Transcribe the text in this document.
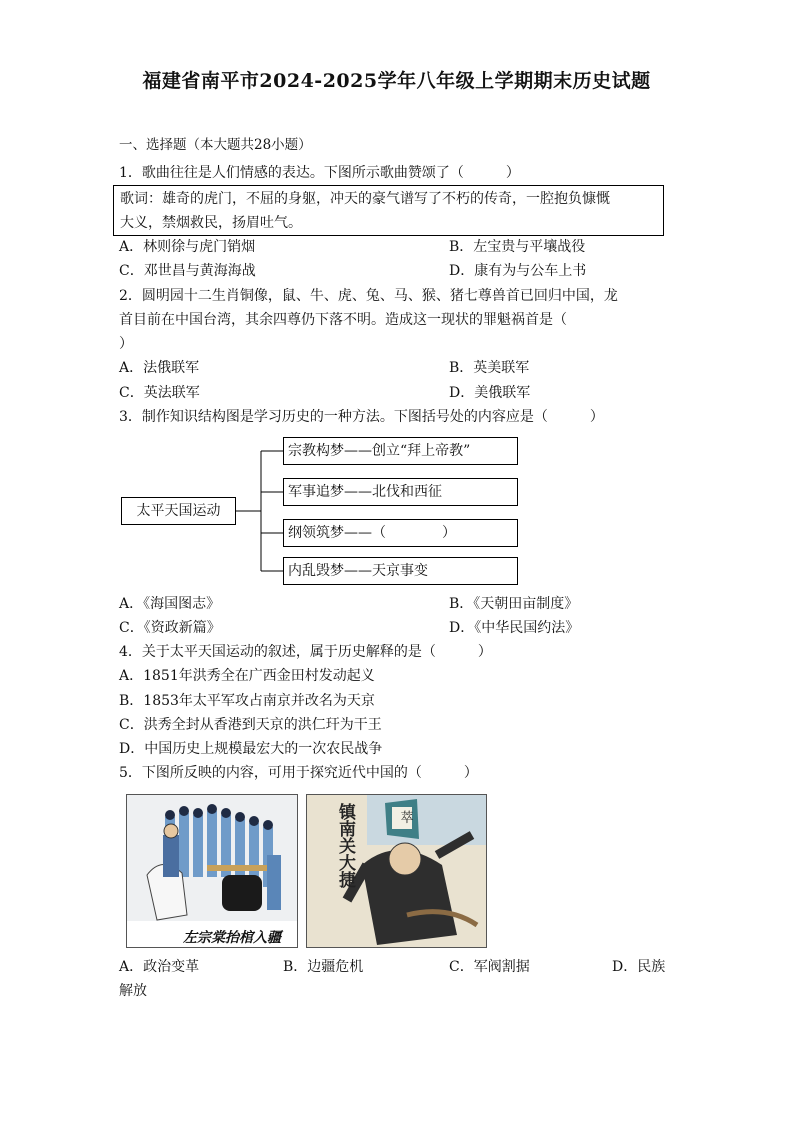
福建省南平市2024-2025学年八年级上学期期末历史试题
一、选择题（本大题共28小题）
1．歌曲往往是人们情感的表达。下图所示歌曲赞颂了（　　　）
歌词：雄奇的虎门，不屈的身躯，冲天的豪气谱写了不朽的传奇，一腔抱负慷慨
大义，禁烟救民，扬眉吐气。
A．林则徐与虎门销烟	B．左宝贵与平壤战役
C．邓世昌与黄海海战	D．康有为与公车上书
2．圆明园十二生肖铜像，鼠、牛、虎、兔、马、猴、猪七尊兽首已回归中国，龙
首目前在中国台湾，其余四尊仍下落不明。造成这一现状的罪魁祸首是（
）
A．法俄联军	B．英美联军
C．英法联军	D．美俄联军
3．制作知识结构图是学习历史的一种方法。下图括号处的内容应是（　　　）
太平天国运动
宗教构梦——创立“拜上帝教”
军事追梦——北伐和西征
纲领筑梦——（　　　　）
内乱毁梦——天京事变
A．《海国图志》	B．《天朝田亩制度》
C．《资政新篇》	D．《中华民国约法》
4．关于太平天国运动的叙述，属于历史解释的是（　　　）
A．1851年洪秀全在广西金田村发动起义
B．1853年太平军攻占南京并改名为天京
C．洪秀全封从香港到天京的洪仁玕为干王
D．中国历史上规模最宏大的一次农民战争
5．下图所反映的内容，可用于探究近代中国的（　　　）
左宗棠抬棺入疆
萃
镇南关大捷
A．政治变革	B．边疆危机	C．军阀割据	D．民族
解放
